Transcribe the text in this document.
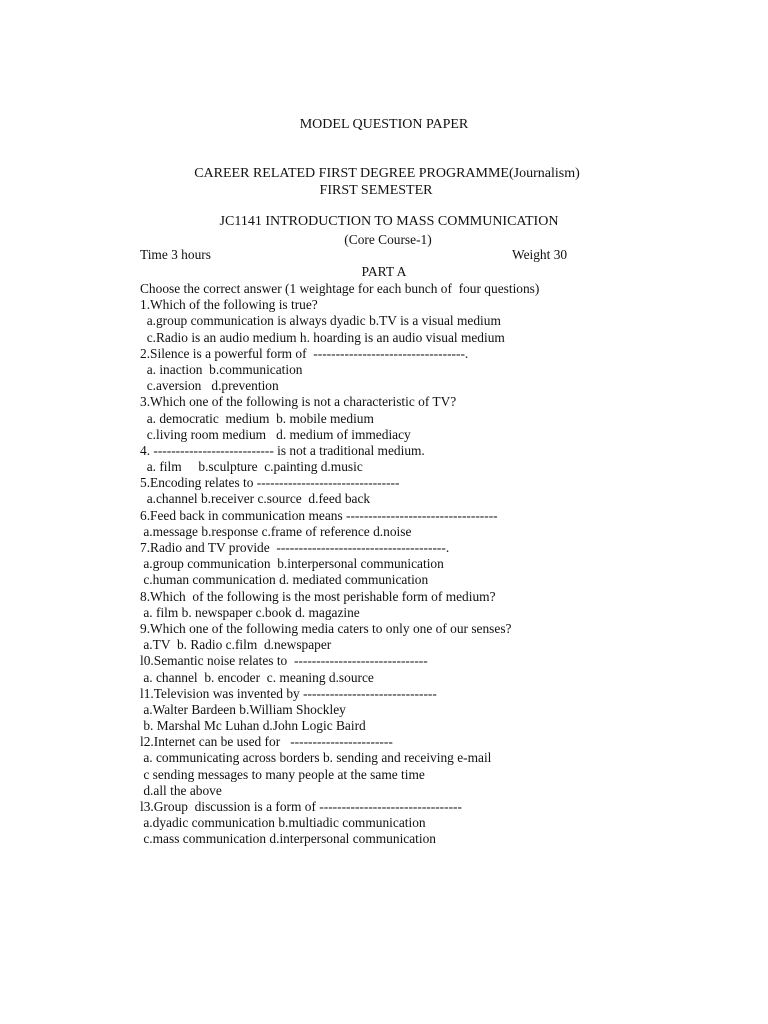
MODEL QUESTION PAPER
CAREER RELATED FIRST DEGREE PROGRAMME(Journalism)
FIRST SEMESTER
JC1141 INTRODUCTION TO MASS COMMUNICATION
(Core Course-1)
Time 3 hours	Weight 30
PART A
Choose the correct answer (1 weightage for each bunch of  four questions)
1.Which of the following is true?
a.group communication is always dyadic b.TV is a visual medium
c.Radio is an audio medium h. hoarding is an audio visual medium
2.Silence is a powerful form of  ----------------------------------.
a. inaction  b.communication
c.aversion   d.prevention
3.Which one of the following is not a characteristic of TV?
a. democratic  medium  b. mobile medium
c.living room medium   d. medium of immediacy
4. --------------------------- is not a traditional medium.
a. film     b.sculpture  c.painting d.music
5.Encoding relates to --------------------------------
a.channel b.receiver c.source  d.feed back
6.Feed back in communication means ----------------------------------
a.message b.response c.frame of reference d.noise
7.Radio and TV provide  --------------------------------------.
a.group communication  b.interpersonal communication
c.human communication d. mediated communication
8.Which  of the following is the most perishable form of medium?
a. film b. newspaper c.book d. magazine
9.Which one of the following media caters to only one of our senses?
a.TV  b. Radio c.film  d.newspaper
l0.Semantic noise relates to  ------------------------------
a. channel  b. encoder  c. meaning d.source
l1.Television was invented by ------------------------------
a.Walter Bardeen b.William Shockley
b. Marshal Mc Luhan d.John Logic Baird
l2.Internet can be used for   -----------------------
a. communicating across borders b. sending and receiving e-mail
c sending messages to many people at the same time
d.all the above
l3.Group  discussion is a form of --------------------------------
a.dyadic communication b.multiadic communication
c.mass communication d.interpersonal communication
